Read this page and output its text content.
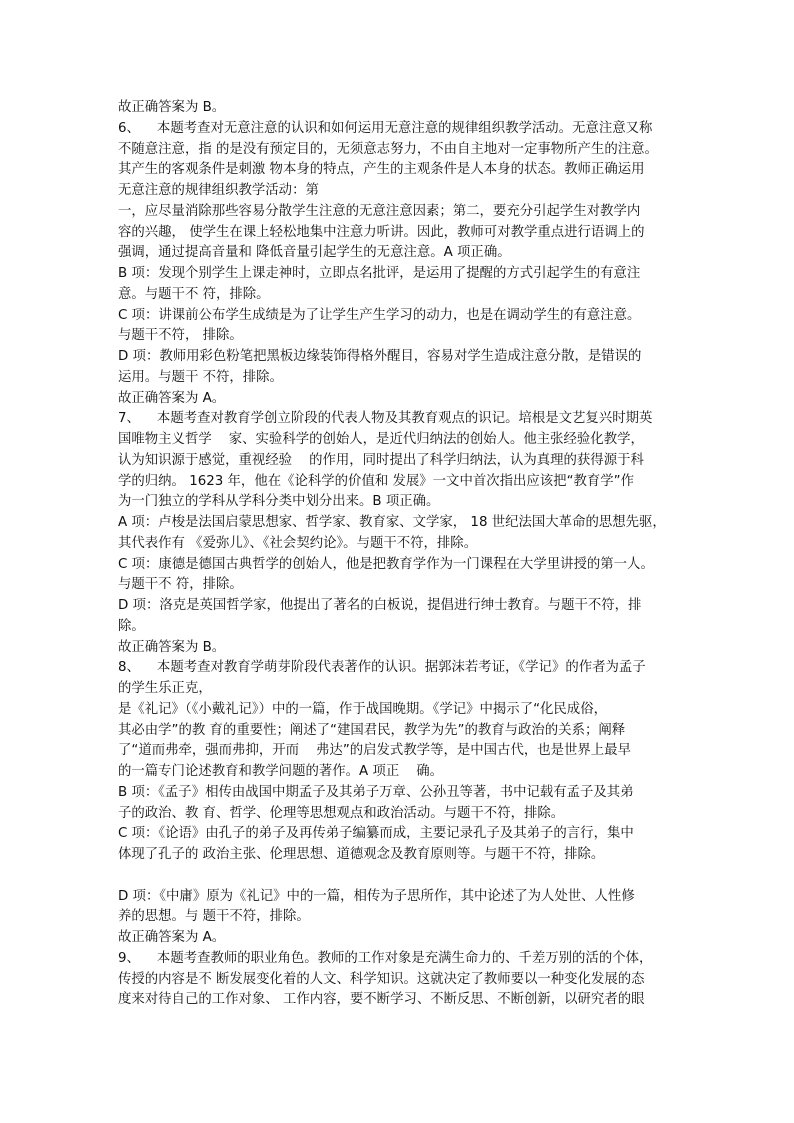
故正确答案为 B。
6、    本题考查对无意注意的认识和如何运用无意注意的规律组织教学活动。无意注意又称
不随意注意，指 的是没有预定目的，无须意志努力，不由自主地对一定事物所产生的注意。
其产生的客观条件是刺激 物本身的特点，产生的主观条件是人本身的状态。教师正确运用
无意注意的规律组织教学活动：第
一，应尽量消除那些容易分散学生注意的无意注意因素；第二，要充分引起学生对教学内
容的兴趣， 使学生在课上轻松地集中注意力听讲。因此，教师可对教学重点进行语调上的
强调，通过提高音量和 降低音量引起学生的无意注意。A 项正确。
B 项：发现个别学生上课走神时，立即点名批评，是运用了提醒的方式引起学生的有意注
意。与题干不 符，排除。
C 项：讲课前公布学生成绩是为了让学生产生学习的动力，也是在调动学生的有意注意。
与题干不符， 排除。
D 项：教师用彩色粉笔把黑板边缘装饰得格外醒目，容易对学生造成注意分散，是错误的
运用。与题干 不符，排除。
故正确答案为 A。
7、    本题考查对教育学创立阶段的代表人物及其教育观点的识记。培根是文艺复兴时期英
国唯物主义哲学    家、实验科学的创始人，是近代归纳法的创始人。他主张经验化教学，
认为知识源于感觉，重视经验    的作用，同时提出了科学归纳法，认为真理的获得源于科
学的归纳。 1623 年，他在《论科学的价值和 发展》一文中首次指出应该把“教育学”作
为一门独立的学科从学科分类中划分出来。B 项正确。
A 项：卢梭是法国启蒙思想家、哲学家、教育家、文学家， 18 世纪法国大革命的思想先驱，
其代表作有 《爱弥儿》、《社会契约论》。与题干不符，排除。
C 项：康德是德国古典哲学的创始人，他是把教育学作为一门课程在大学里讲授的第一人。
与题干不 符，排除。
D 项：洛克是英国哲学家，他提出了著名的白板说，提倡进行绅士教育。与题干不符，排
除。
故正确答案为 B。
8、    本题考查对教育学萌芽阶段代表著作的认识。据郭沫若考证，《学记》的作者为孟子
的学生乐正克，
是《礼记》（《小戴礼记》）中的一篇，作于战国晚期。《学记》中揭示了“化民成俗，
其必由学”的教 育的重要性；阐述了“建国君民，教学为先”的教育与政治的关系；阐释
了“道而弗牵，强而弗抑，开而    弗达”的启发式教学等，是中国古代，也是世界上最早
的一篇专门论述教育和教学问题的著作。A 项正    确。
B 项：《孟子》相传由战国中期孟子及其弟子万章、公孙丑等著，书中记载有孟子及其弟
子的政治、教 育、哲学、伦理等思想观点和政治活动。与题干不符，排除。
C 项：《论语》由孔子的弟子及再传弟子编纂而成，主要记录孔子及其弟子的言行，集中
体现了孔子的 政治主张、伦理思想、道德观念及教育原则等。与题干不符，排除。
D 项：《中庸》原为《礼记》中的一篇，相传为子思所作，其中论述了为人处世、人性修
养的思想。与 题干不符，排除。
故正确答案为 A。
9、    本题考查教师的职业角色。教师的工作对象是充满生命力的、千差万别的活的个体，
传授的内容是不 断发展变化着的人文、科学知识。这就决定了教师要以一种变化发展的态
度来对待自己的工作对象、 工作内容，要不断学习、不断反思、不断创新，以研究者的眼
